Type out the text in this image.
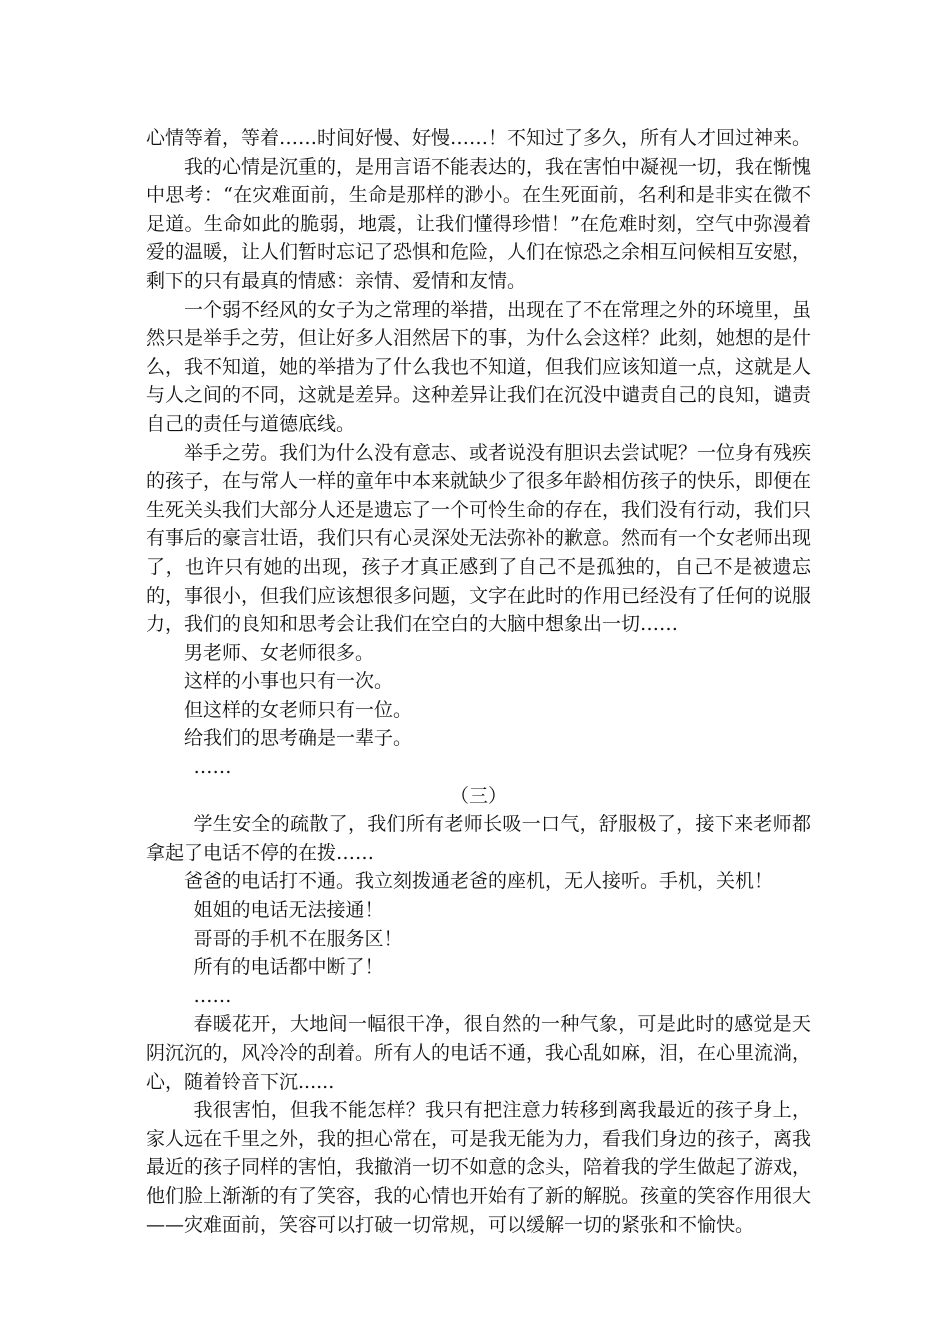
心情等着，等着……时间好慢、好慢……！不知过了多久，所有人才回过神来。

我的心情是沉重的，是用言语不能表达的，我在害怕中凝视一切，我在惭愧中思考：“在灾难面前，生命是那样的渺小。在生死面前，名利和是非实在微不足道。生命如此的脆弱，地震，让我们懂得珍惜！”在危难时刻，空气中弥漫着爱的温暖，让人们暂时忘记了恐惧和危险，人们在惊恐之余相互问候相互安慰，剩下的只有最真的情感：亲情、爱情和友情。

一个弱不经风的女子为之常理的举措，出现在了不在常理之外的环境里，虽然只是举手之劳，但让好多人泪然居下的事，为什么会这样？此刻，她想的是什么，我不知道，她的举措为了什么我也不知道，但我们应该知道一点，这就是人与人之间的不同，这就是差异。这种差异让我们在沉没中谴责自己的良知，谴责自己的责任与道德底线。

举手之劳。我们为什么没有意志、或者说没有胆识去尝试呢？一位身有残疾的孩子，在与常人一样的童年中本来就缺少了很多年龄相仿孩子的快乐，即便在生死关头我们大部分人还是遗忘了一个可怜生命的存在，我们没有行动，我们只有事后的豪言壮语，我们只有心灵深处无法弥补的歉意。然而有一个女老师出现了，也许只有她的出现，孩子才真正感到了自己不是孤独的，自己不是被遗忘的，事很小，但我们应该想很多问题，文字在此时的作用已经没有了任何的说服力，我们的良知和思考会让我们在空白的大脑中想象出一切……

男老师、女老师很多。

这样的小事也只有一次。

但这样的女老师只有一位。

给我们的思考确是一辈子。

……

（三）

学生安全的疏散了，我们所有老师长吸一口气，舒服极了，接下来老师都拿起了电话不停的在拨……

爸爸的电话打不通。我立刻拨通老爸的座机，无人接听。手机，关机！

姐姐的电话无法接通！

哥哥的手机不在服务区！

所有的电话都中断了！

……

春暖花开，大地间一幅很干净，很自然的一种气象，可是此时的感觉是天阴沉沉的，风冷冷的刮着。所有人的电话不通，我心乱如麻，泪，在心里流淌，心，随着铃音下沉......

我很害怕，但我不能怎样？我只有把注意力转移到离我最近的孩子身上，家人远在千里之外，我的担心常在，可是我无能为力，看我们身边的孩子，离我最近的孩子同样的害怕，我撤消一切不如意的念头，陪着我的学生做起了游戏，他们脸上渐渐的有了笑容，我的心情也开始有了新的解脱。孩童的笑容作用很大——灾难面前，笑容可以打破一切常规，可以缓解一切的紧张和不愉快。
